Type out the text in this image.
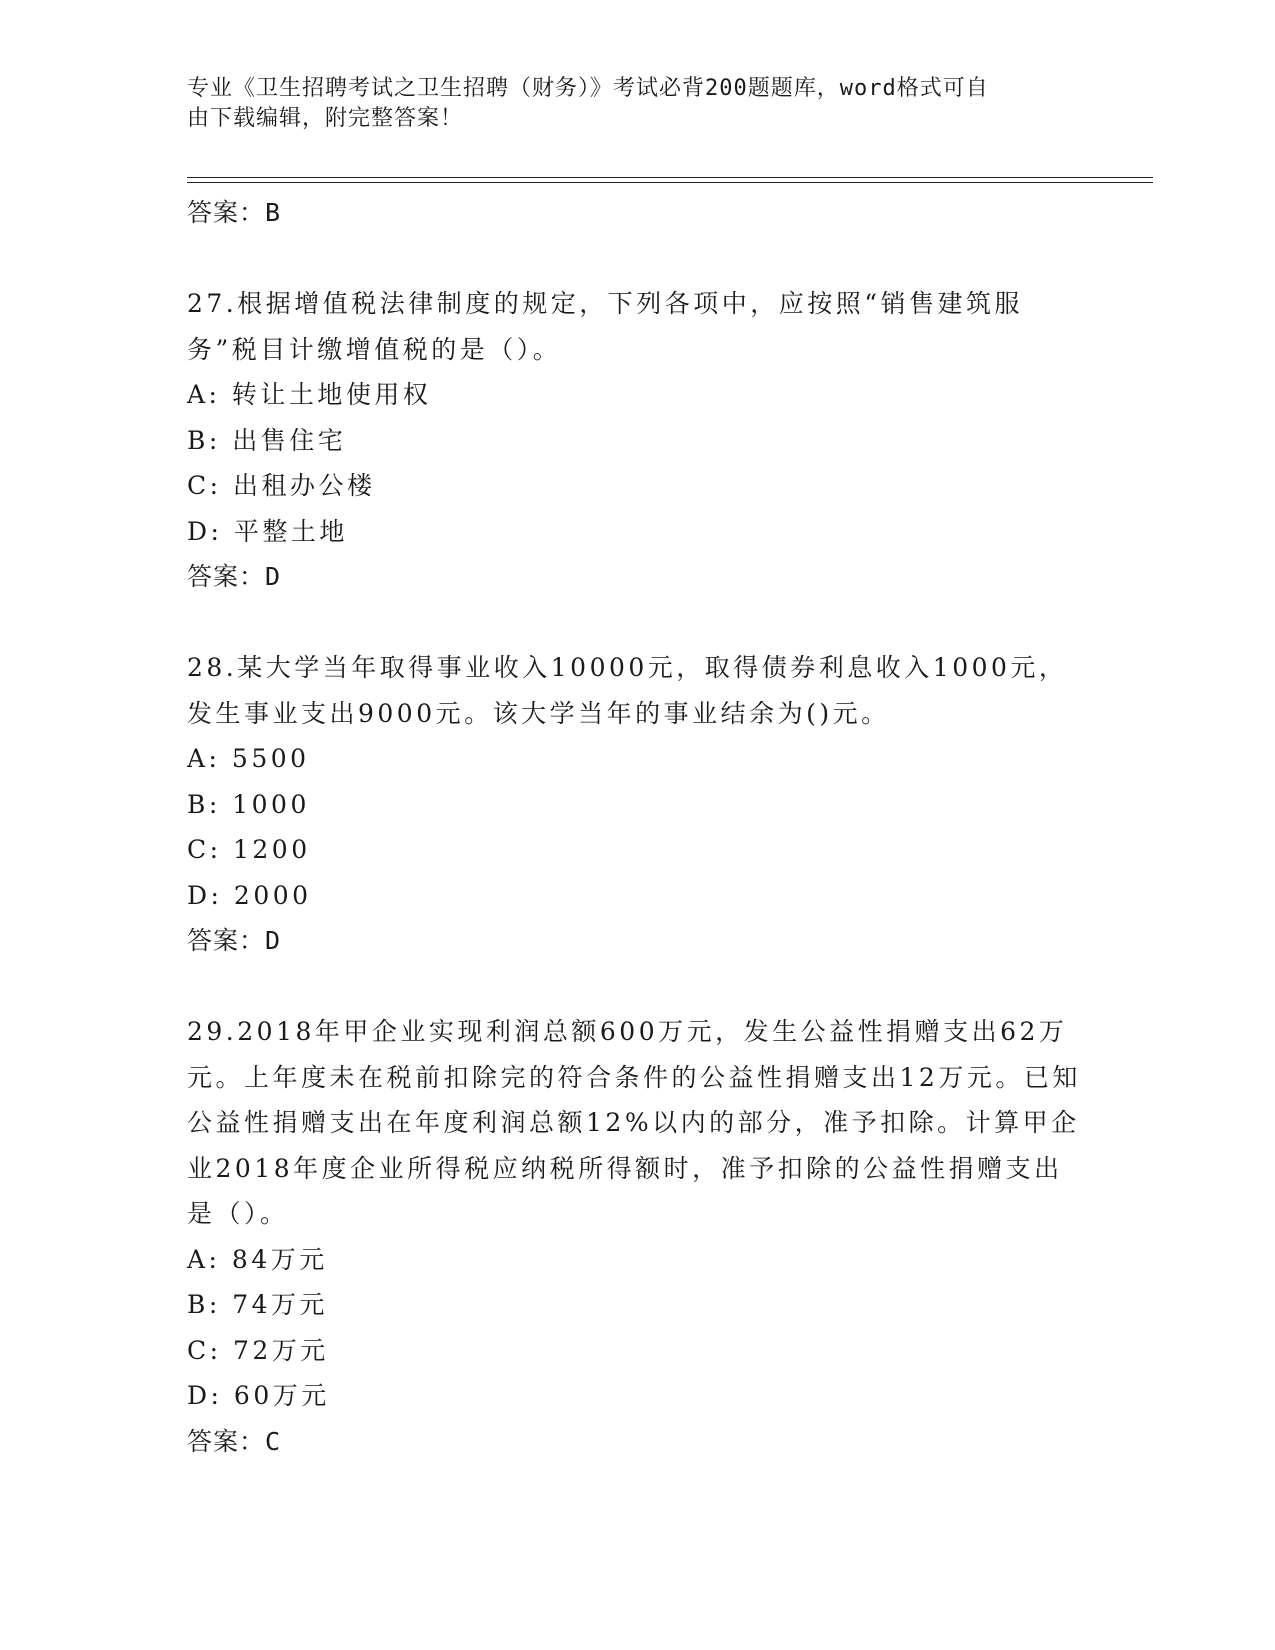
专业《卫生招聘考试之卫生招聘（财务）》考试必背200题题库，word格式可自
由下载编辑，附完整答案！
答案：B
27.根据增值税法律制度的规定，下列各项中，应按照“销售建筑服务”税目计缴增值税的是（）。
A: 转让土地使用权
B: 出售住宅
C: 出租办公楼
D: 平整土地
答案：D
28.某大学当年取得事业收入10000元，取得债券利息收入1000元，发生事业支出9000元。该大学当年的事业结余为()元。
A: 5500
B: 1000
C: 1200
D: 2000
答案：D
29.2018年甲企业实现利润总额600万元，发生公益性捐赠支出62万元。上年度未在税前扣除完的符合条件的公益性捐赠支出12万元。已知公益性捐赠支出在年度利润总额12%以内的部分，准予扣除。计算甲企业2018年度企业所得税应纳税所得额时，准予扣除的公益性捐赠支出是（）。
A: 84万元
B: 74万元
C: 72万元
D: 60万元
答案：C
